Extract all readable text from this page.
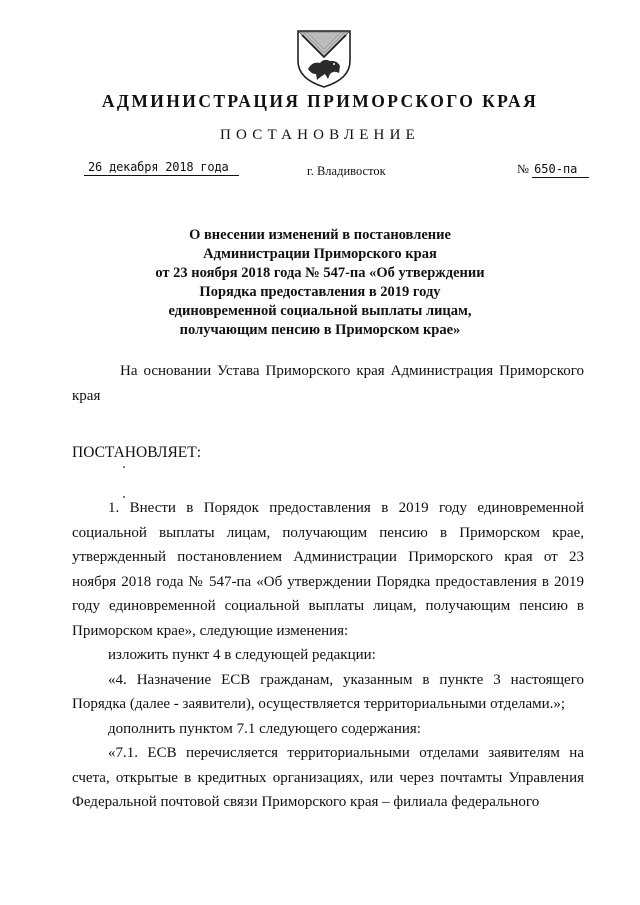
АДМИНИСТРАЦИЯ ПРИМОРСКОГО КРАЯ
ПОСТАНОВЛЕНИЕ
26 декабря 2018 года	г. Владивосток	№ 650-па
О внесении изменений в постановление
Администрации Приморского края
от 23 ноября 2018 года № 547-па «Об утверждении
Порядка предоставления в 2019 году
единовременной социальной выплаты лицам,
получающим пенсию в Приморском крае»
На основании Устава Приморского края Администрация Приморского края
ПОСТАНОВЛЯЕТ:

1. Внести в Порядок предоставления в 2019 году единовременной социальной выплаты лицам, получающим пенсию в Приморском крае, утвержденный постановлением Администрации Приморского края от 23 ноября 2018 года № 547-па «Об утверждении Порядка предоставления в 2019 году единовременной социальной выплаты лицам, получающим пенсию в Приморском крае», следующие изменения:

изложить пункт 4 в следующей редакции:

«4. Назначение ЕСВ гражданам, указанным в пункте 3 настоящего Порядка (далее - заявители), осуществляется территориальными отделами.»;

дополнить пунктом 7.1 следующего содержания:

«7.1. ЕСВ перечисляется территориальными отделами заявителям на счета, открытые в кредитных организациях, или через почтамты Управления Федеральной почтовой связи Приморского края – филиала федерального
